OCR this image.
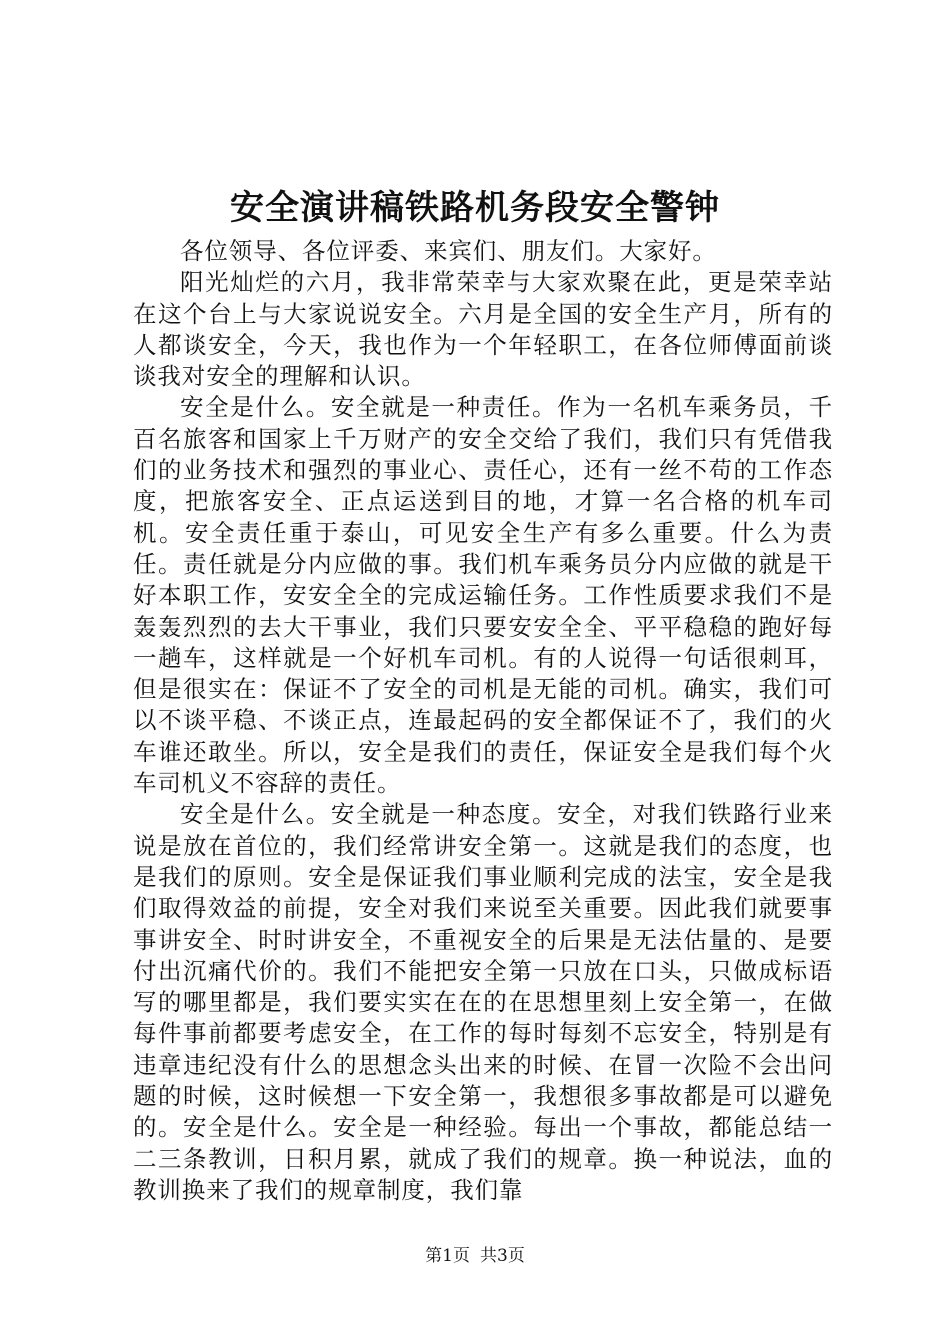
安全演讲稿铁路机务段安全警钟

各位领导、各位评委、来宾们、朋友们。大家好。

阳光灿烂的六月，我非常荣幸与大家欢聚在此，更是荣幸站在这个台上与大家说说安全。六月是全国的安全生产月，所有的人都谈安全，今天，我也作为一个年轻职工，在各位师傅面前谈谈我对安全的理解和认识。

安全是什么。安全就是一种责任。作为一名机车乘务员，千百名旅客和国家上千万财产的安全交给了我们，我们只有凭借我们的业务技术和强烈的事业心、责任心，还有一丝不苟的工作态度，把旅客安全、正点运送到目的地，才算一名合格的机车司机。安全责任重于泰山，可见安全生产有多么重要。什么为责任。责任就是分内应做的事。我们机车乘务员分内应做的就是干好本职工作，安安全全的完成运输任务。工作性质要求我们不是轰轰烈烈的去大干事业，我们只要安安全全、平平稳稳的跑好每一趟车，这样就是一个好机车司机。有的人说得一句话很刺耳，但是很实在：保证不了安全的司机是无能的司机。确实，我们可以不谈平稳、不谈正点，连最起码的安全都保证不了，我们的火车谁还敢坐。所以，安全是我们的责任，保证安全是我们每个火车司机义不容辞的责任。

安全是什么。安全就是一种态度。安全，对我们铁路行业来说是放在首位的，我们经常讲安全第一。这就是我们的态度，也是我们的原则。安全是保证我们事业顺利完成的法宝，安全是我们取得效益的前提，安全对我们来说至关重要。因此我们就要事事讲安全、时时讲安全，不重视安全的后果是无法估量的、是要付出沉痛代价的。我们不能把安全第一只放在口头，只做成标语写的哪里都是，我们要实实在在的在思想里刻上安全第一，在做每件事前都要考虑安全，在工作的每时每刻不忘安全，特别是有违章违纪没有什么的思想念头出来的时候、在冒一次险不会出问题的时候，这时候想一下安全第一，我想很多事故都是可以避免的。安全是什么。安全是一种经验。每出一个事故，都能总结一二三条教训，日积月累，就成了我们的规章。换一种说法，血的教训换来了我们的规章制度，我们靠

第1页 共3页
